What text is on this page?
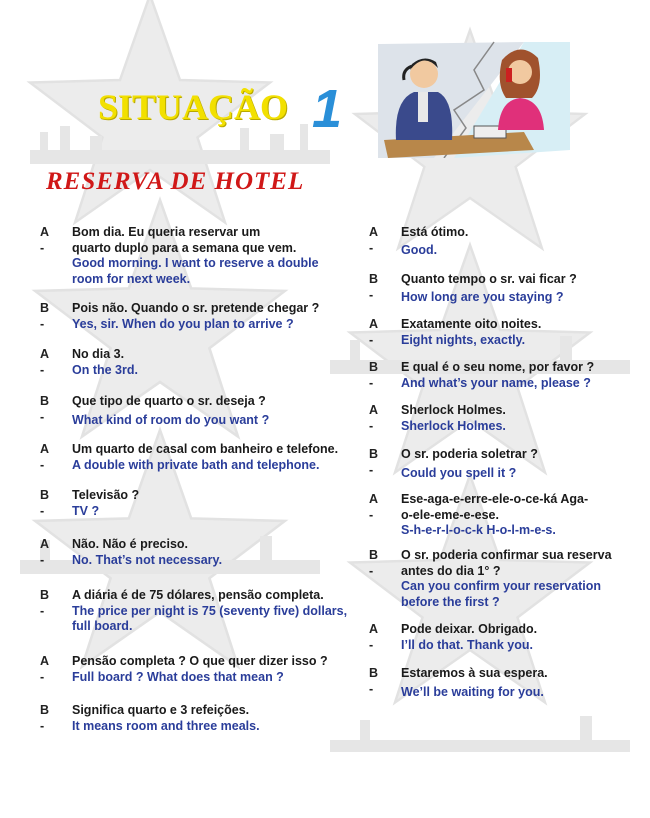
SITUAÇÃO 1
RESERVA DE HOTEL
A -
Bom dia. Eu queria reservar um
quarto duplo para a semana que vem.
Good morning. I want to reserve a double
room for next week.
B -
Pois não. Quando o sr. pretende chegar ?
Yes, sir. When do you plan to arrive ?
A -
No dia 3.
On the 3rd.
B -
Que tipo de quarto o sr. deseja ?
What kind of room do you want ?
A -
Um quarto de casal com banheiro e telefone.
A double with private bath and telephone.
B -
Televisão ?
TV ?
A -
Não. Não é preciso.
No. That’s not necessary.
B -
A diária é de 75 dólares, pensão completa.
The price per night is 75 (seventy five) dollars,
full board.
A -
Pensão completa ? O que quer dizer isso ?
Full board ? What does that mean ?
B -
Significa quarto e 3 refeições.
It means room and three meals.
A -
Está ótimo.
Good.
B -
Quanto tempo o sr. vai ficar ?
How long are you staying ?
A -
Exatamente oito noites.
Eight nights, exactly.
B -
E qual é o seu nome, por favor ?
And what’s your name, please ?
A -
Sherlock Holmes.
Sherlock Holmes.
B -
O sr. poderia soletrar ?
Could you spell it ?
A -
Ese-aga-e-erre-ele-o-ce-ká Aga-
o-ele-eme-e-ese.
S-h-e-r-l-o-c-k H-o-l-m-e-s.
B -
O sr. poderia confirmar sua reserva
antes do dia 1° ?
Can you confirm your reservation
before the first ?
A -
Pode deixar. Obrigado.
I’ll do that. Thank you.
B -
Estaremos à sua espera.
We’ll be waiting for you.
